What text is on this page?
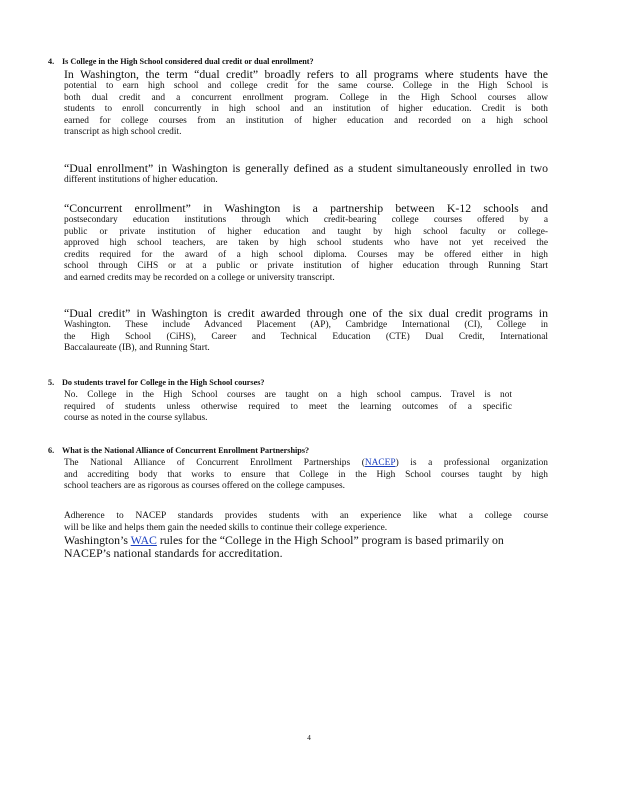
4. Is College in the High School considered dual credit or dual enrollment?
In Washington, the term “dual credit” broadly refers to all programs where students have the
potential to earn high school and college credit for the same course. College in the High School is
both dual credit and a concurrent enrollment program. College in the High School courses allow
students to enroll concurrently in high school and an institution of higher education. Credit is both
earned for college courses from an institution of higher education and recorded on a high school
transcript as high school credit.
“Dual enrollment” in Washington is generally defined as a student simultaneously enrolled in two
different institutions of higher education.
“Concurrent enrollment” in Washington is a partnership between K-12 schools and
postsecondary education institutions through which credit-bearing college courses offered by a
public or private institution of higher education and taught by high school faculty or college-
approved high school teachers, are taken by high school students who have not yet received the
credits required for the award of a high school diploma. Courses may be offered either in high
school through CiHS or at a public or private institution of higher education through Running Start
and earned credits may be recorded on a college or university transcript.
“Dual credit” in Washington is credit awarded through one of the six dual credit programs in
Washington. These include Advanced Placement (AP), Cambridge International (CI), College in
the High School (CiHS), Career and Technical Education (CTE) Dual Credit, International
Baccalaureate (IB), and Running Start.
5. Do students travel for College in the High School courses?
No. College in the High School courses are taught on a high school campus. Travel is not
required of students unless otherwise required to meet the learning outcomes of a specific
course as noted in the course syllabus.
6. What is the National Alliance of Concurrent Enrollment Partnerships?
The National Alliance of Concurrent Enrollment Partnerships (NACEP) is a professional organization
and accrediting body that works to ensure that College in the High School courses taught by high
school teachers are as rigorous as courses offered on the college campuses.
Adherence to NACEP standards provides students with an experience like what a college course
will be like and helps them gain the needed skills to continue their college experience.
Washington’s WAC rules for the “College in the High School” program is based primarily on
NACEP’s national standards for accreditation.
4
